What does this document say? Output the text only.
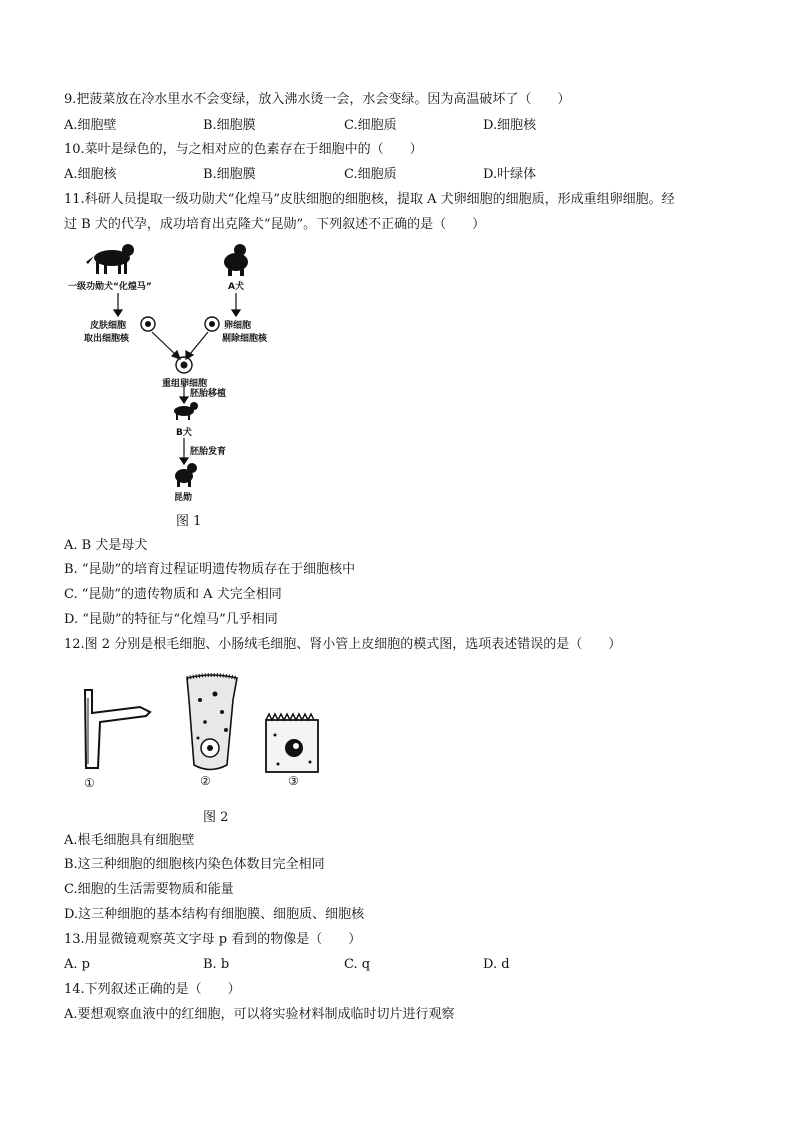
9.把菠菜放在冷水里水不会变绿，放入沸水烫一会，水会变绿。因为高温破坏了（　　）
A.细胞壁	B.细胞膜	C.细胞质	D.细胞核
10.菜叶是绿色的，与之相对应的色素存在于细胞中的（　　）
A.细胞核	B.细胞膜	C.细胞质	D.叶绿体
11.科研人员提取一级功勋犬“化煌马”皮肤细胞的细胞核，提取 A 犬卵细胞的细胞质，形成重组卵细胞。经
过 B 犬的代孕，成功培育出克隆犬“昆勋”。下列叙述不正确的是（　　）
一级功勋犬“化煌马”	A犬
皮肤细胞
取出细胞核
卵细胞
剔除细胞核
重组卵细胞
胚胎移植
B犬
胚胎发育
昆勋
图 1
A. B 犬是母犬
B. “昆勋”的培育过程证明遗传物质存在于细胞核中
C. “昆勋”的遗传物质和 A 犬完全相同
D. “昆勋”的特征与“化煌马”几乎相同
12.图 2 分别是根毛细胞、小肠绒毛细胞、肾小管上皮细胞的模式图，选项表述错误的是（　　）
①	②	③
图 2
A.根毛细胞具有细胞壁
B.这三种细胞的细胞核内染色体数目完全相同
C.细胞的生活需要物质和能量
D.这三种细胞的基本结构有细胞膜、细胞质、细胞核
13.用显微镜观察英文字母 p 看到的物像是（　　）
A. p	B. b	C. q	D. d
14.下列叙述正确的是（　　）
A.要想观察血液中的红细胞，可以将实验材料制成临时切片进行观察
